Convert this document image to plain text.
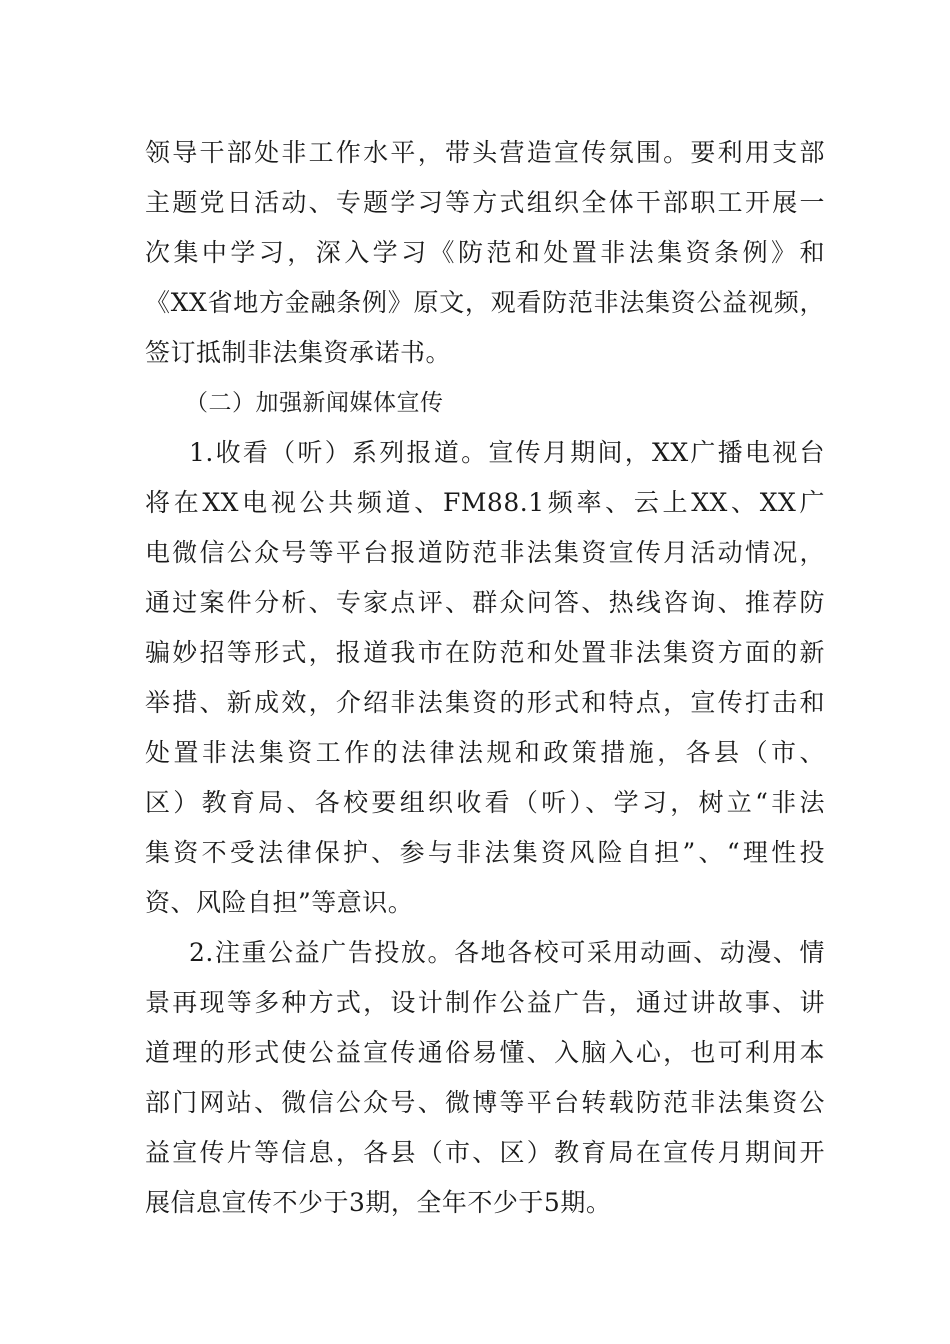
领导干部处非工作水平，带头营造宣传氛围。要利用支部
主题党日活动、专题学习等方式组织全体干部职工开展一
次集中学习，深入学习《防范和处置非法集资条例》和
《XX省地方金融条例》原文，观看防范非法集资公益视频，
签订抵制非法集资承诺书。
（二）加强新闻媒体宣传
1.收看（听）系列报道。宣传月期间，XX广播电视台
将在XX电视公共频道、FM88.1频率、云上XX、XX广
电微信公众号等平台报道防范非法集资宣传月活动情况，
通过案件分析、专家点评、群众问答、热线咨询、推荐防
骗妙招等形式，报道我市在防范和处置非法集资方面的新
举措、新成效，介绍非法集资的形式和特点，宣传打击和
处置非法集资工作的法律法规和政策措施，各县（市、
区）教育局、各校要组织收看（听）、学习，树立“非法
集资不受法律保护、参与非法集资风险自担”、“理性投
资、风险自担”等意识。
2.注重公益广告投放。各地各校可采用动画、动漫、情
景再现等多种方式，设计制作公益广告，通过讲故事、讲
道理的形式使公益宣传通俗易懂、入脑入心，也可利用本
部门网站、微信公众号、微博等平台转载防范非法集资公
益宣传片等信息，各县（市、区）教育局在宣传月期间开
展信息宣传不少于3期，全年不少于5期。
